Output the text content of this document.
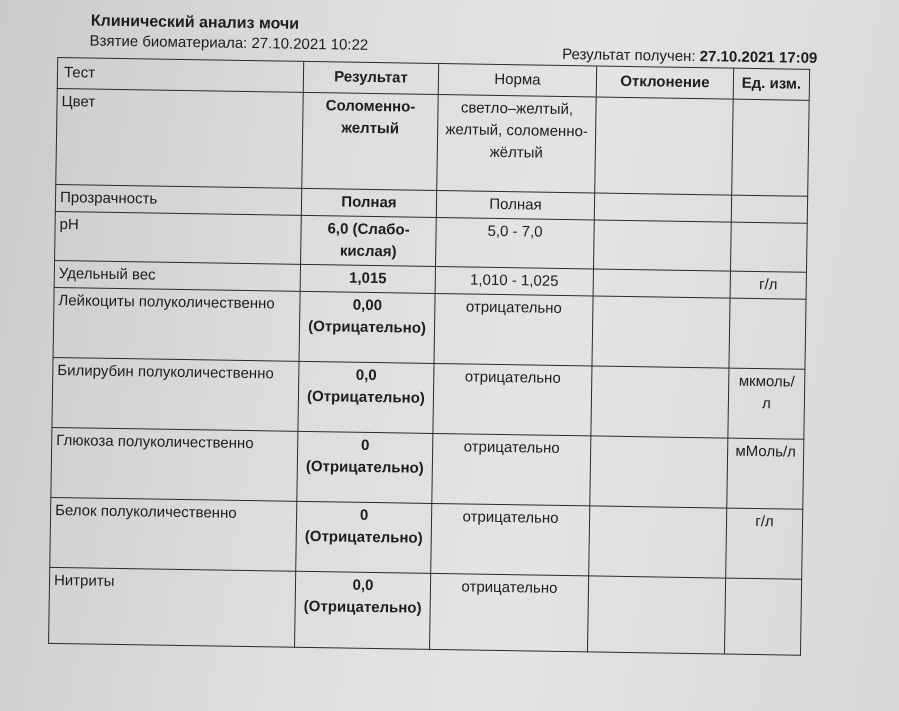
Клинический анализ мочи
Взятие биоматериала: 27.10.2021 10:22
Результат получен: 27.10.2021 17:09
Тест	Результат	Норма	Отклонение	Ед. изм.
Цвет	Соломенно-желтый	светло–желтый, желтый, соломенно-жёлтый		
Прозрачность	Полная	Полная		
pH	6,0 (Слабо-кислая)	5,0 - 7,0		
Удельный вес	1,015	1,010 - 1,025		г/л
Лейкоциты полуколичественно	0,00 (Отрицательно)	отрицательно		
Билирубин полуколичественно	0,0 (Отрицательно)	отрицательно		мкмоль/л
Глюкоза полуколичественно	0 (Отрицательно)	отрицательно		мМоль/л
Белок полуколичественно	0 (Отрицательно)	отрицательно		г/л
Нитриты	0,0 (Отрицательно)	отрицательно		
